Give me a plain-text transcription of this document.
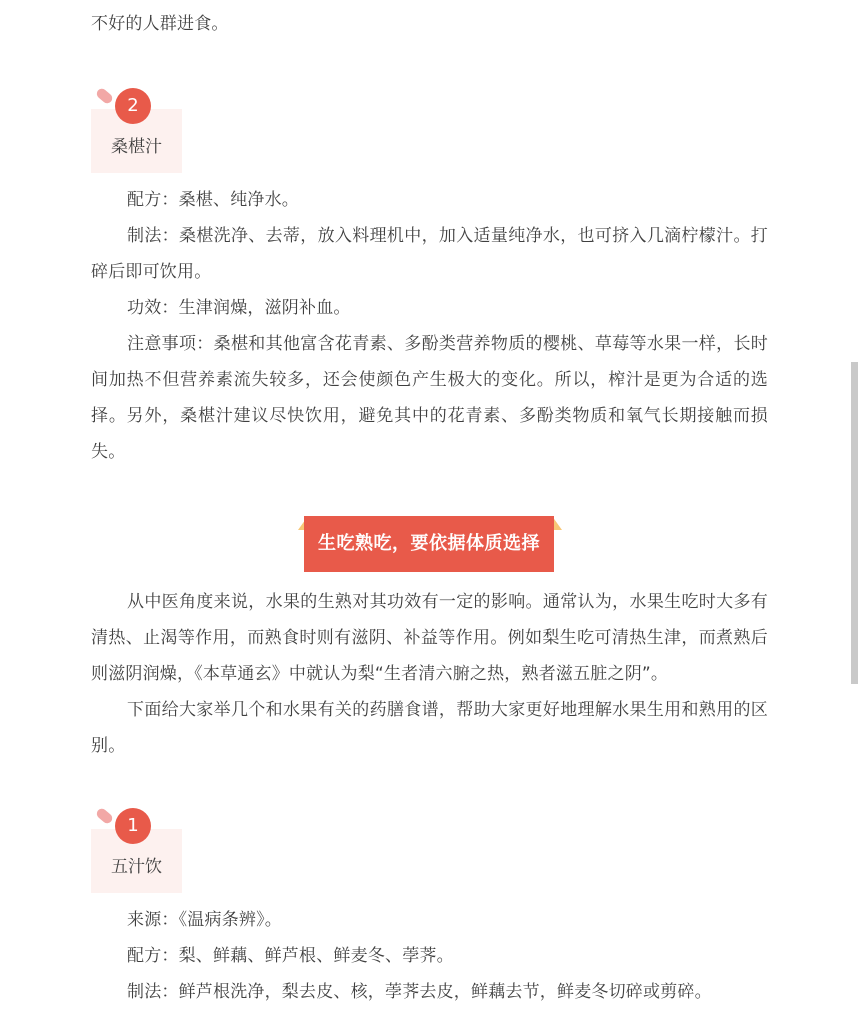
不好的人群进食。

2
桑椹汁

配方：桑椹、纯净水。

制法：桑椹洗净、去蒂，放入料理机中，加入适量纯净水，也可挤入几滴柠檬汁。打碎后即可饮用。

功效：生津润燥，滋阴补血。

注意事项：桑椹和其他富含花青素、多酚类营养物质的樱桃、草莓等水果一样，长时间加热不但营养素流失较多，还会使颜色产生极大的变化。所以，榨汁是更为合适的选择。另外，桑椹汁建议尽快饮用，避免其中的花青素、多酚类物质和氧气长期接触而损失。

生吃熟吃，要依据体质选择

从中医角度来说，水果的生熟对其功效有一定的影响。通常认为，水果生吃时大多有清热、止渴等作用，而熟食时则有滋阴、补益等作用。例如梨生吃可清热生津，而煮熟后则滋阴润燥，《本草通玄》中就认为梨“生者清六腑之热，熟者滋五脏之阴”。

下面给大家举几个和水果有关的药膳食谱，帮助大家更好地理解水果生用和熟用的区别。

1
五汁饮

来源：《温病条辨》。

配方：梨、鲜藕、鲜芦根、鲜麦冬、荸荠。

制法：鲜芦根洗净，梨去皮、核，荸荠去皮，鲜藕去节，鲜麦冬切碎或剪碎。
